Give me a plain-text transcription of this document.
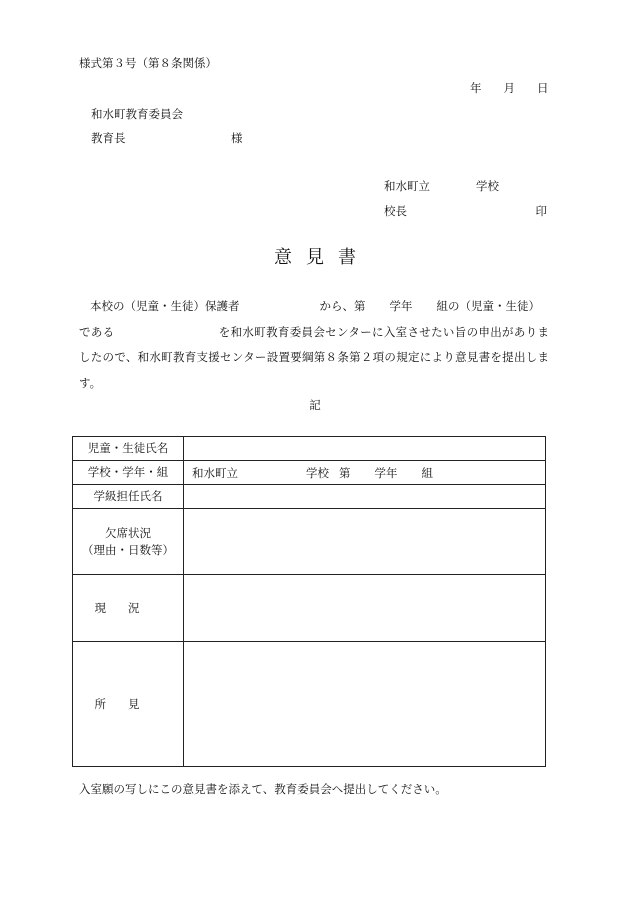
様式第３号（第８条関係）
年 月 日
和水町教育委員会
教育長	様
和水町立	学校
校長	印
意見書
本校の（児童・生徒）保護者	から、第 学年 組の（児童・生徒）
である	を和水町教育委員会センターに入室させたい旨の申出がありましたので、和水町教育支援センター設置要綱第８条第２項の規定により意見書を提出します。
記
児童・生徒氏名	
学校・学年・組	和水町立 学校 第 学年 組
学級担任氏名	

欠席状況
（理由・日数等）	

現況	
所見	
入室願の写しにこの意見書を添えて、教育委員会へ提出してください。
